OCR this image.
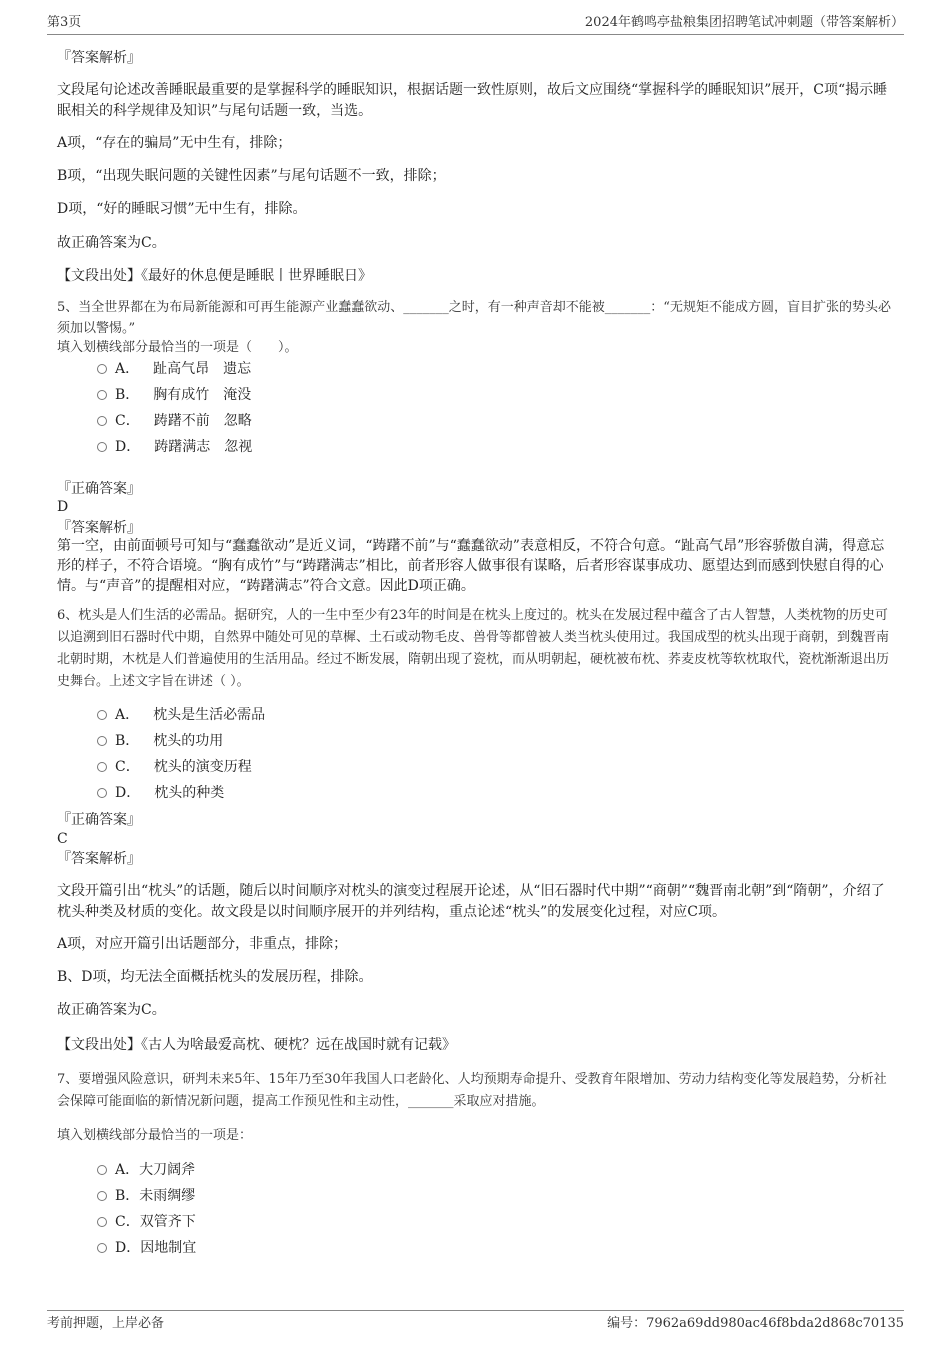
第3页	2024年鹤鸣亭盐粮集团招聘笔试冲刺题（带答案解析）
『答案解析』
文段尾句论述改善睡眠最重要的是掌握科学的睡眠知识，根据话题一致性原则，故后文应围绕“掌握科学的睡眠知识”展开，C项“揭示睡眠相关的科学规律及知识”与尾句话题一致，当选。
A项，“存在的骗局”无中生有，排除；
B项，“出现失眠问题的关键性因素”与尾句话题不一致，排除；
D项，“好的睡眠习惯”无中生有，排除。
故正确答案为C。
【文段出处】《最好的休息便是睡眠丨世界睡眠日》
5、当全世界都在为布局新能源和可再生能源产业蠢蠢欲动、_______之时，有一种声音却不能被_______：“无规矩不能成方圆，盲目扩张的势头必须加以警惕。”
填入划横线部分最恰当的一项是（　　）。
A． 趾高气昂 遗忘
B． 胸有成竹 淹没
C． 踌躇不前 忽略
D． 踌躇满志 忽视
『正确答案』
D
『答案解析』
第一空，由前面顿号可知与“蠢蠢欲动”是近义词，“踌躇不前”与“蠢蠢欲动”表意相反，不符合句意。“趾高气昂”形容骄傲自满，得意忘形的样子，不符合语境。“胸有成竹”与“踌躇满志”相比，前者形容人做事很有谋略，后者形容谋事成功、愿望达到而感到快慰自得的心情。与“声音”的提醒相对应，“踌躇满志”符合文意。因此D项正确。
6、枕头是人们生活的必需品。据研究，人的一生中至少有23年的时间是在枕头上度过的。枕头在发展过程中蕴含了古人智慧，人类枕物的历史可以追溯到旧石器时代中期，自然界中随处可见的草樨、土石或动物毛皮、兽骨等都曾被人类当枕头使用过。我国成型的枕头出现于商朝，到魏晋南北朝时期，木枕是人们普遍使用的生活用品。经过不断发展，隋朝出现了瓷枕，而从明朝起，硬枕被布枕、荞麦皮枕等软枕取代，瓷枕渐渐退出历史舞台。上述文字旨在讲述（ ）。
A． 枕头是生活必需品
B． 枕头的功用
C． 枕头的演变历程
D． 枕头的种类
『正确答案』
C
『答案解析』
文段开篇引出“枕头”的话题，随后以时间顺序对枕头的演变过程展开论述，从“旧石器时代中期”“商朝”“魏晋南北朝”到“隋朝”，介绍了枕头种类及材质的变化。故文段是以时间顺序展开的并列结构，重点论述“枕头”的发展变化过程，对应C项。
A项，对应开篇引出话题部分，非重点，排除；
B、D项，均无法全面概括枕头的发展历程，排除。
故正确答案为C。
【文段出处】《古人为啥最爱高枕、硬枕？远在战国时就有记载》
7、要增强风险意识，研判未来5年、15年乃至30年我国人口老龄化、人均预期寿命提升、受教育年限增加、劳动力结构变化等发展趋势，分析社会保障可能面临的新情况新问题，提高工作预见性和主动性，_______采取应对措施。
填入划横线部分最恰当的一项是：
A．大刀阔斧
B．未雨绸缪
C．双管齐下
D．因地制宜
考前押题，上岸必备	编号：7962a69dd980ac46f8bda2d868c70135
